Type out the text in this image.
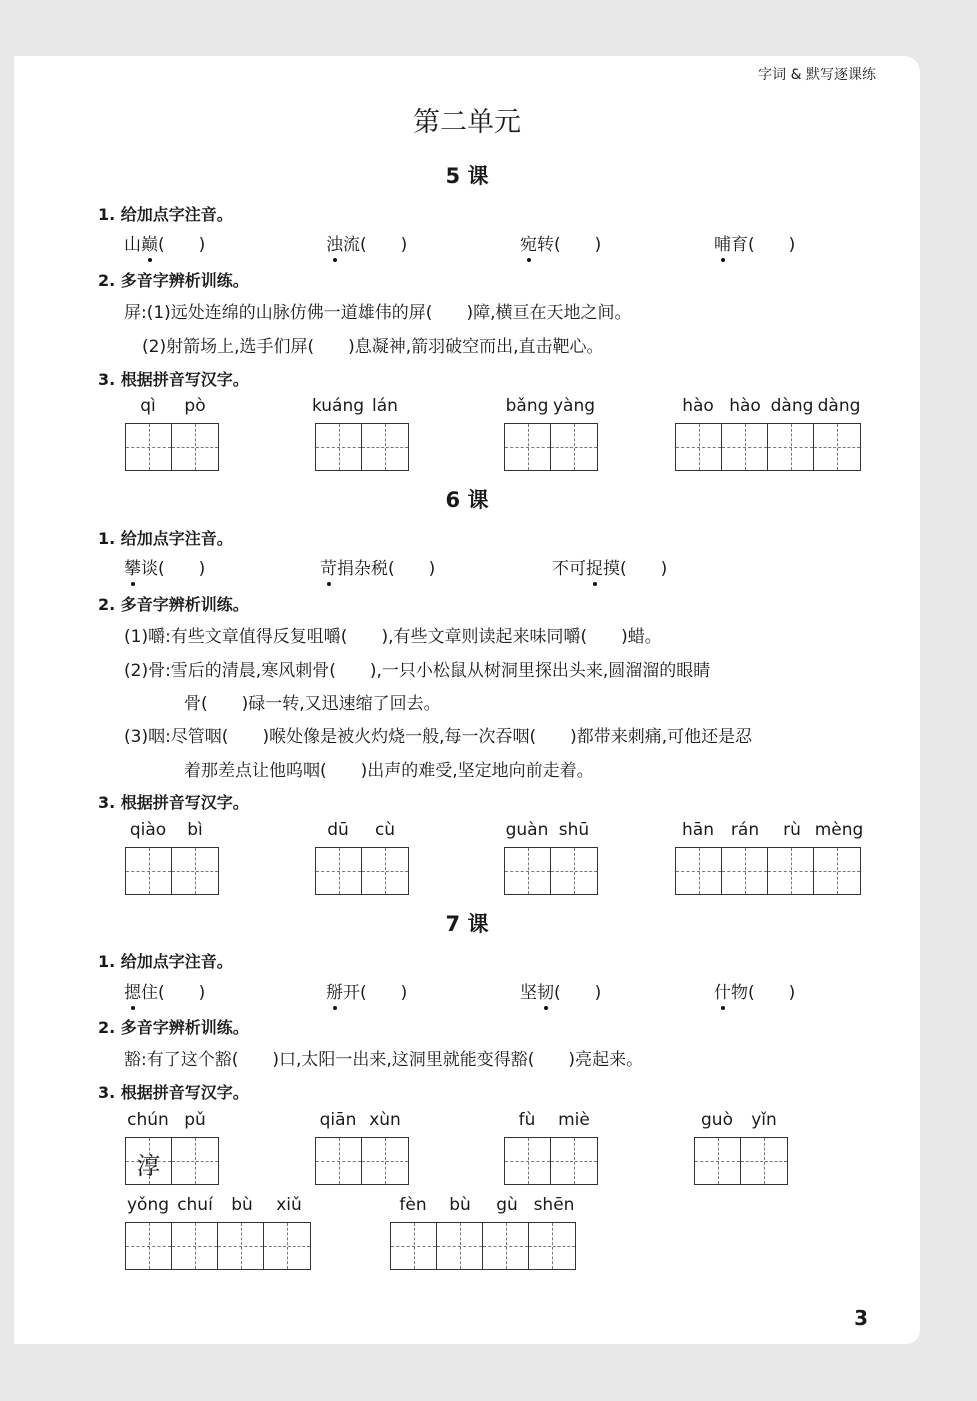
字词 & 默写逐课练
第二单元
5 课
1. 给加点字注音。
山巅(　　)	浊流(　　)	宛转(　　)	哺育(　　)
2. 多音字辨析训练。
屏:(1)远处连绵的山脉仿佛一道雄伟的屏(　　)障,横亘在天地之间。
(2)射箭场上,选手们屏(　　)息凝神,箭羽破空而出,直击靶心。
3. 根据拼音写汉字。
qì pò	kuáng lán	bǎng yàng	hào hào dàng dàng
6 课
1. 给加点字注音。
攀谈(　　)	苛捐杂税(　　)	不可捉摸(　　)
2. 多音字辨析训练。
(1)嚼:有些文章值得反复咀嚼(　　),有些文章则读起来味同嚼(　　)蜡。
(2)骨:雪后的清晨,寒风刺骨(　　),一只小松鼠从树洞里探出头来,圆溜溜的眼睛
骨(　　)碌一转,又迅速缩了回去。
(3)咽:尽管咽(　　)喉处像是被火灼烧一般,每一次吞咽(　　)都带来刺痛,可他还是忍
着那差点让他呜咽(　　)出声的难受,坚定地向前走着。
3. 根据拼音写汉字。
qiào bì	dū cù	guàn shū	hān rán rù mèng
7 课
1. 给加点字注音。
摁住(　　)	掰开(　　)	坚韧(　　)	什物(　　)
2. 多音字辨析训练。
豁:有了这个豁(　　)口,太阳一出来,这洞里就能变得豁(　　)亮起来。
3. 根据拼音写汉字。
chún pǔ
淳
qiān xùn	fù miè	guò yǐn
yǒng chuí bù xiǔ	fèn bù gù shēn
3
